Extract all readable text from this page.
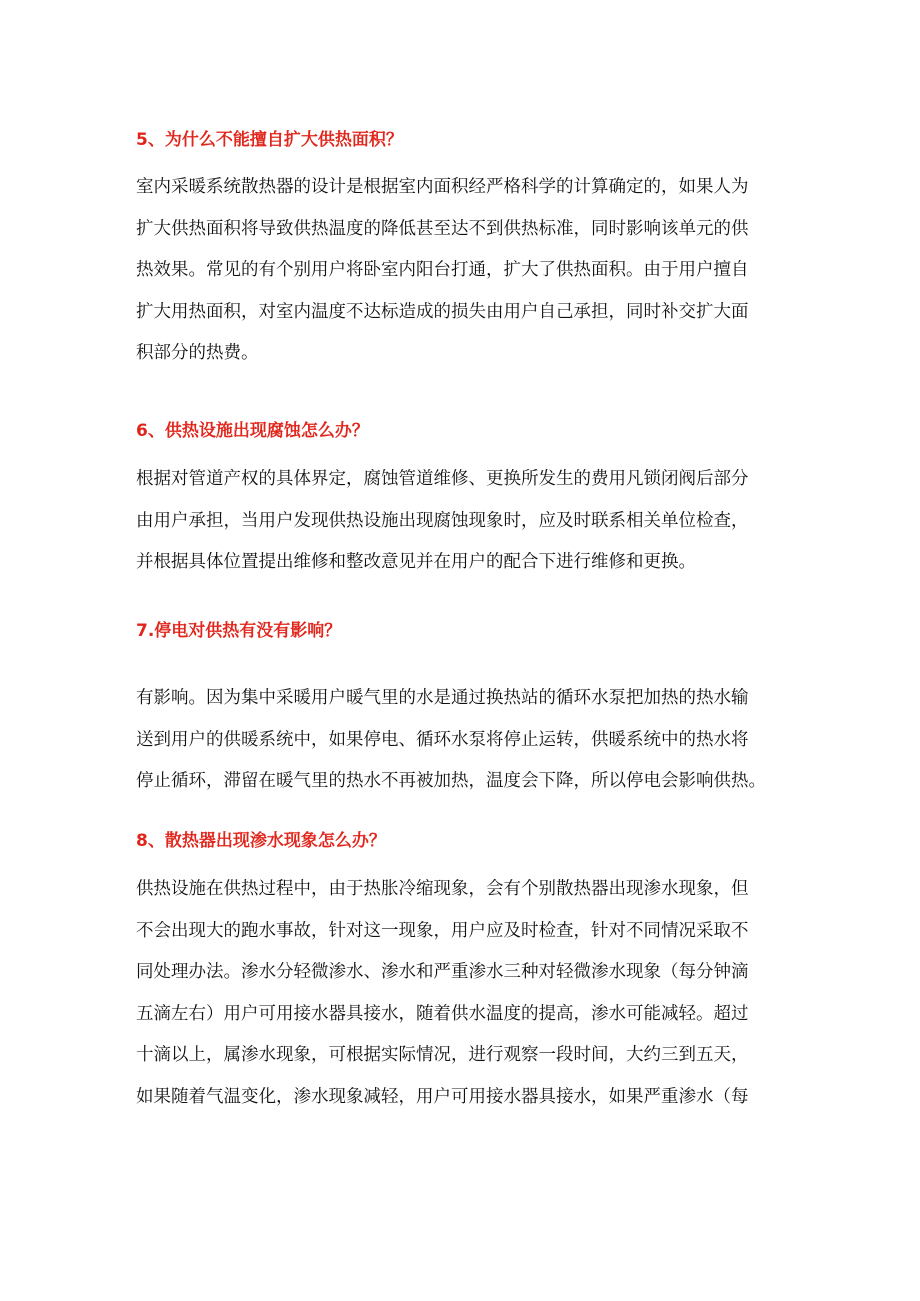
5、为什么不能擅自扩大供热面积？
室内采暖系统散热器的设计是根据室内面积经严格科学的计算确定的，如果人为
扩大供热面积将导致供热温度的降低甚至达不到供热标准，同时影响该单元的供
热效果。常见的有个别用户将卧室内阳台打通，扩大了供热面积。由于用户擅自
扩大用热面积，对室内温度不达标造成的损失由用户自己承担，同时补交扩大面
积部分的热费。
6、供热设施出现腐蚀怎么办？
根据对管道产权的具体界定，腐蚀管道维修、更换所发生的费用凡锁闭阀后部分
由用户承担，当用户发现供热设施出现腐蚀现象时，应及时联系相关单位检查，
并根据具体位置提出维修和整改意见并在用户的配合下进行维修和更换。
7.停电对供热有没有影响？
有影响。因为集中采暖用户暖气里的水是通过换热站的循环水泵把加热的热水输
送到用户的供暖系统中，如果停电、循环水泵将停止运转，供暖系统中的热水将
停止循环，滞留在暖气里的热水不再被加热，温度会下降，所以停电会影响供热。
8、散热器出现渗水现象怎么办？
供热设施在供热过程中，由于热胀冷缩现象，会有个别散热器出现渗水现象，但
不会出现大的跑水事故，针对这一现象，用户应及时检查，针对不同情况采取不
同处理办法。渗水分轻微渗水、渗水和严重渗水三种对轻微渗水现象（每分钟滴
五滴左右）用户可用接水器具接水，随着供水温度的提高，渗水可能减轻。超过
十滴以上，属渗水现象，可根据实际情况，进行观察一段时间，大约三到五天，
如果随着气温变化，渗水现象减轻，用户可用接水器具接水，如果严重渗水（每
